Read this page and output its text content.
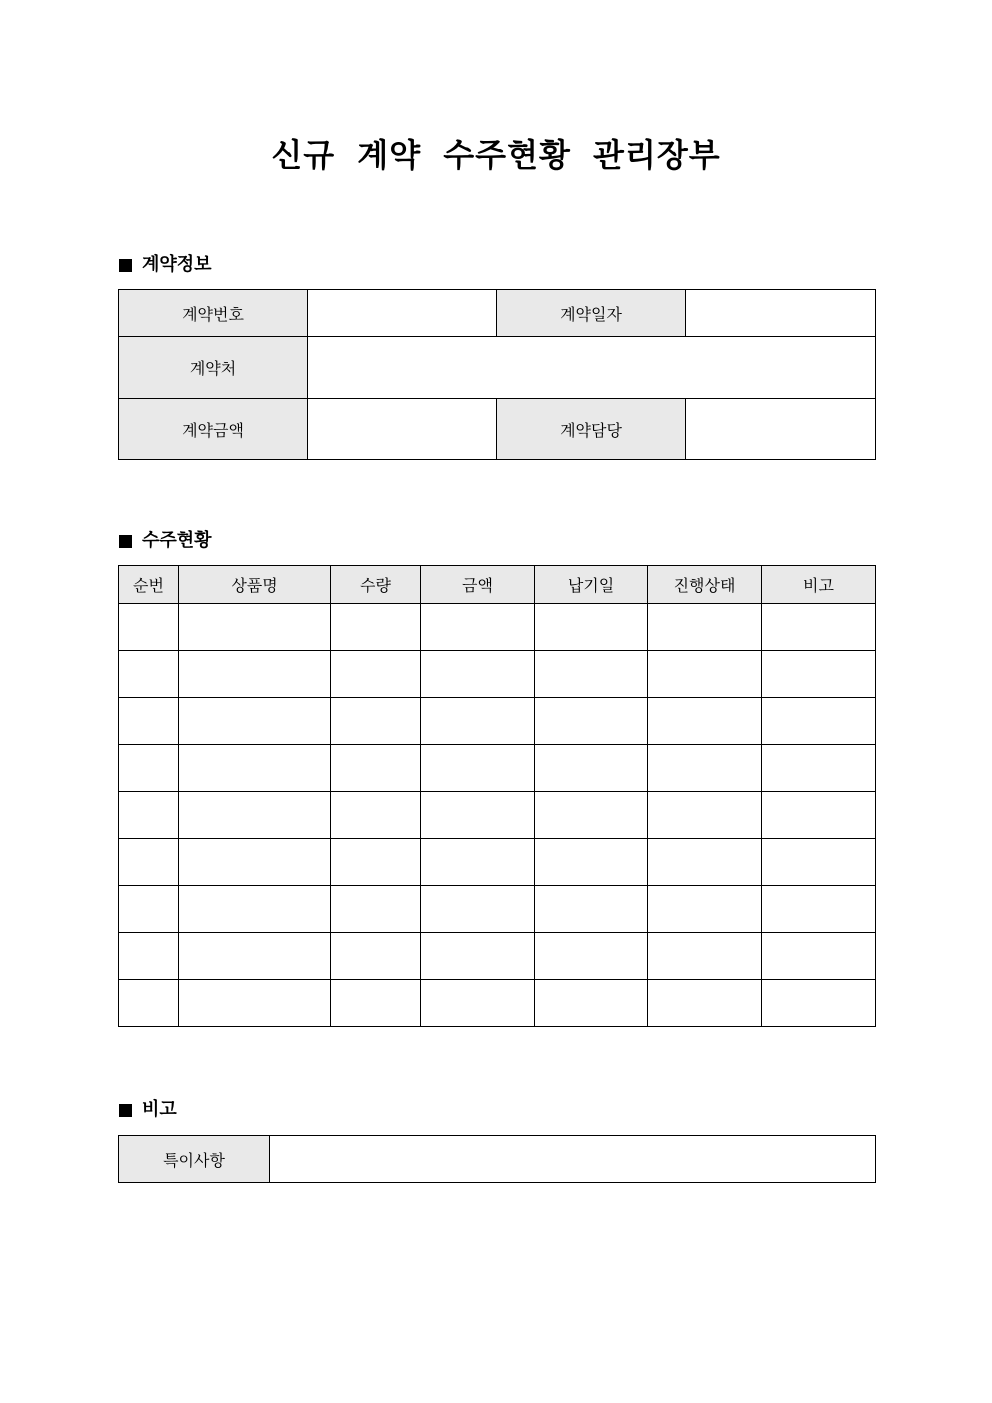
신규 계약 수주현황 관리장부
계약정보
계약번호		계약일자	
계약처			
계약금액		계약담당	
수주현황
순번	상품명	수량	금액	납기일	진행상태	비고

비고
특이사항	
